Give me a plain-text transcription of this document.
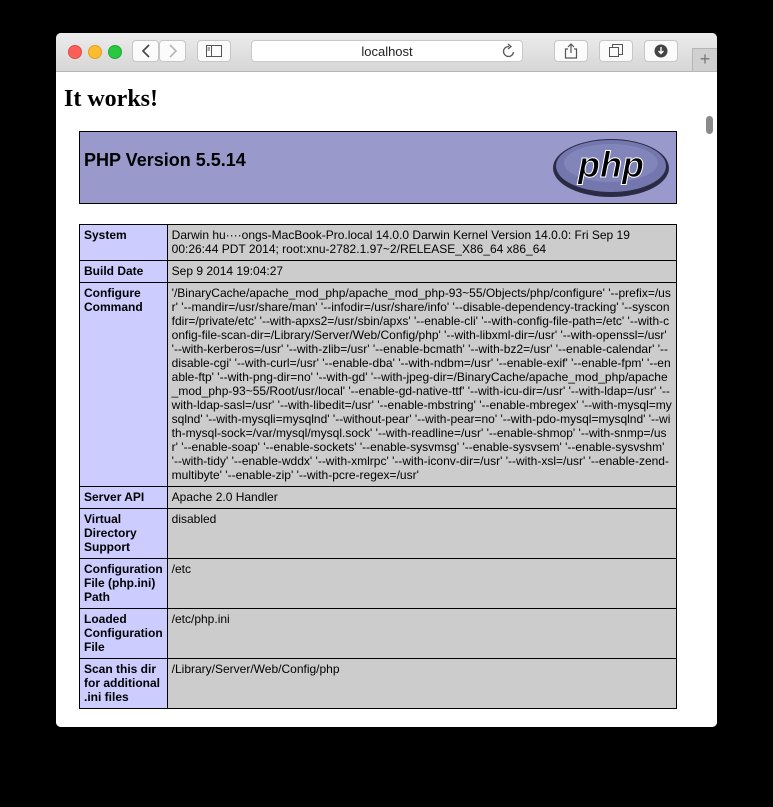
localhost	+
It works!
PHP Version 5.5.14	php
System	Darwin hu····ongs-MacBook-Pro.local 14.0.0 Darwin Kernel Version 14.0.0: Fri Sep 19 00:26:44 PDT 2014; root:xnu-2782.1.97~2/RELEASE_X86_64 x86_64
Build Date	Sep 9 2014 19:04:27
Configure Command	'/BinaryCache/apache_mod_php/apache_mod_php-93~55/Objects/php/configure' '--prefix=/usr' '--mandir=/usr/share/man' '--infodir=/usr/share/info' '--disable-dependency-tracking' '--sysconfdir=/private/etc' '--with-apxs2=/usr/sbin/apxs' '--enable-cli' '--with-config-file-path=/etc' '--with-config-file-scan-dir=/Library/Server/Web/Config/php' '--with-libxml-dir=/usr' '--with-openssl=/usr' '--with-kerberos=/usr' '--with-zlib=/usr' '--enable-bcmath' '--with-bz2=/usr' '--enable-calendar' '--disable-cgi' '--with-curl=/usr' '--enable-dba' '--with-ndbm=/usr' '--enable-exif' '--enable-fpm' '--enable-ftp' '--with-png-dir=no' '--with-gd' '--with-jpeg-dir=/BinaryCache/apache_mod_php/apache_mod_php-93~55/Root/usr/local' '--enable-gd-native-ttf' '--with-icu-dir=/usr' '--with-ldap=/usr' '--with-ldap-sasl=/usr' '--with-libedit=/usr' '--enable-mbstring' '--enable-mbregex' '--with-mysql=mysqlnd' '--with-mysqli=mysqlnd' '--without-pear' '--with-pear=no' '--with-pdo-mysql=mysqlnd' '--with-mysql-sock=/var/mysql/mysql.sock' '--with-readline=/usr' '--enable-shmop' '--with-snmp=/usr' '--enable-soap' '--enable-sockets' '--enable-sysvmsg' '--enable-sysvsem' '--enable-sysvshm' '--with-tidy' '--enable-wddx' '--with-xmlrpc' '--with-iconv-dir=/usr' '--with-xsl=/usr' '--enable-zend-multibyte' '--enable-zip' '--with-pcre-regex=/usr'
Server API	Apache 2.0 Handler
Virtual Directory Support	disabled
Configuration File (php.ini) Path	/etc
Loaded Configuration File	/etc/php.ini
Scan this dir for additional .ini files	/Library/Server/Web/Config/php
